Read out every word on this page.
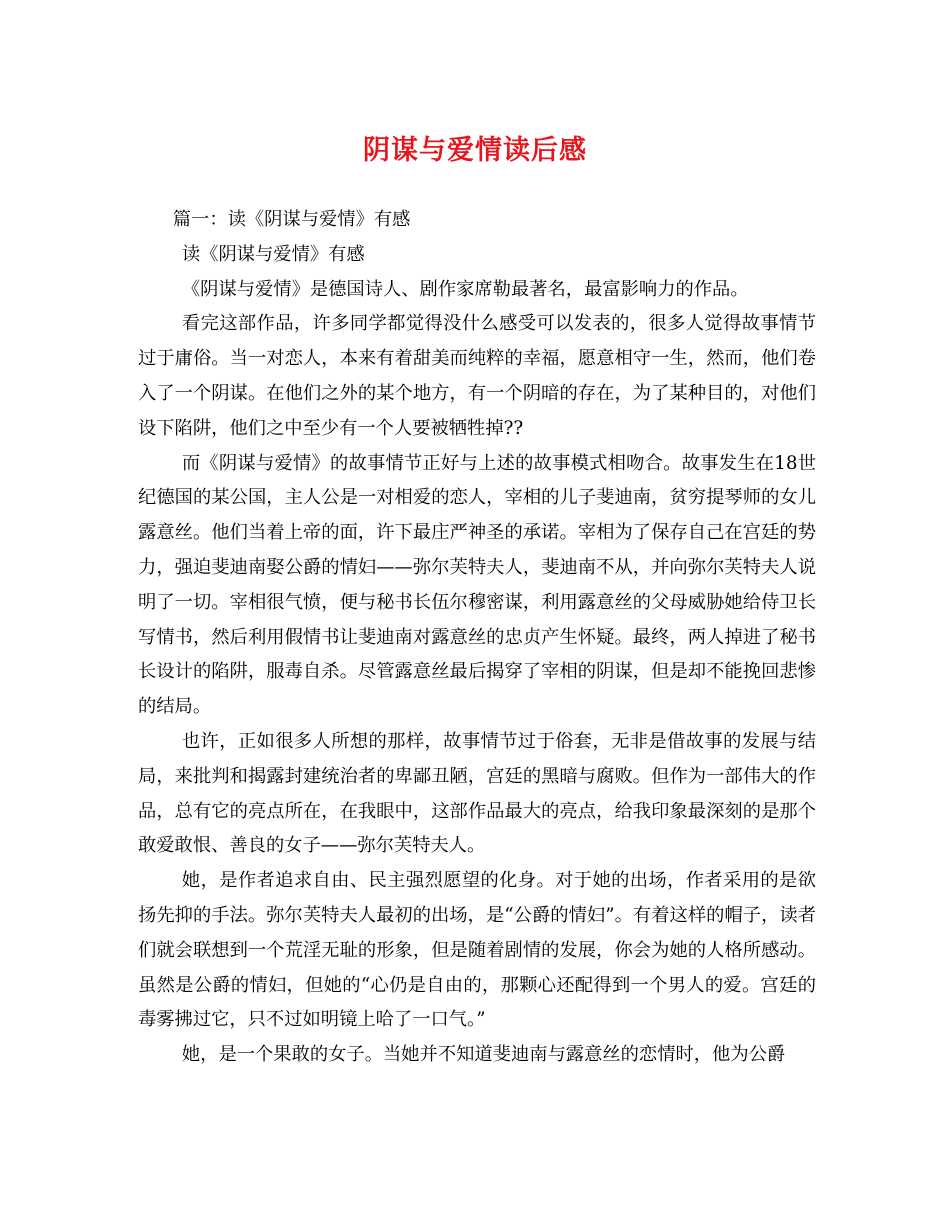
阴谋与爱情读后感

篇一：读《阴谋与爱情》有感

读《阴谋与爱情》有感

《阴谋与爱情》是德国诗人、剧作家席勒最著名，最富影响力的作品。

看完这部作品，许多同学都觉得没什么感受可以发表的，很多人觉得故事情节过于庸俗。当一对恋人，本来有着甜美而纯粹的幸福，愿意相守一生，然而，他们卷入了一个阴谋。在他们之外的某个地方，有一个阴暗的存在，为了某种目的，对他们设下陷阱，他们之中至少有一个人要被牺牲掉??

而《阴谋与爱情》的故事情节正好与上述的故事模式相吻合。故事发生在18世纪德国的某公国，主人公是一对相爱的恋人，宰相的儿子斐迪南，贫穷提琴师的女儿露意丝。他们当着上帝的面，许下最庄严神圣的承诺。宰相为了保存自己在宫廷的势力，强迫斐迪南娶公爵的情妇——弥尔芙特夫人，斐迪南不从，并向弥尔芙特夫人说明了一切。宰相很气愤，便与秘书长伍尔穆密谋，利用露意丝的父母威胁她给侍卫长写情书，然后利用假情书让斐迪南对露意丝的忠贞产生怀疑。最终，两人掉进了秘书长设计的陷阱，服毒自杀。尽管露意丝最后揭穿了宰相的阴谋，但是却不能挽回悲惨的结局。

也许，正如很多人所想的那样，故事情节过于俗套，无非是借故事的发展与结局，来批判和揭露封建统治者的卑鄙丑陋，宫廷的黑暗与腐败。但作为一部伟大的作品，总有它的亮点所在，在我眼中，这部作品最大的亮点，给我印象最深刻的是那个敢爱敢恨、善良的女子——弥尔芙特夫人。

她，是作者追求自由、民主强烈愿望的化身。对于她的出场，作者采用的是欲扬先抑的手法。弥尔芙特夫人最初的出场，是“公爵的情妇”。有着这样的帽子，读者们就会联想到一个荒淫无耻的形象，但是随着剧情的发展，你会为她的人格所感动。虽然是公爵的情妇，但她的“心仍是自由的，那颗心还配得到一个男人的爱。宫廷的毒雾拂过它，只不过如明镜上哈了一口气。”

她，是一个果敢的女子。当她并不知道斐迪南与露意丝的恋情时，他为公爵
